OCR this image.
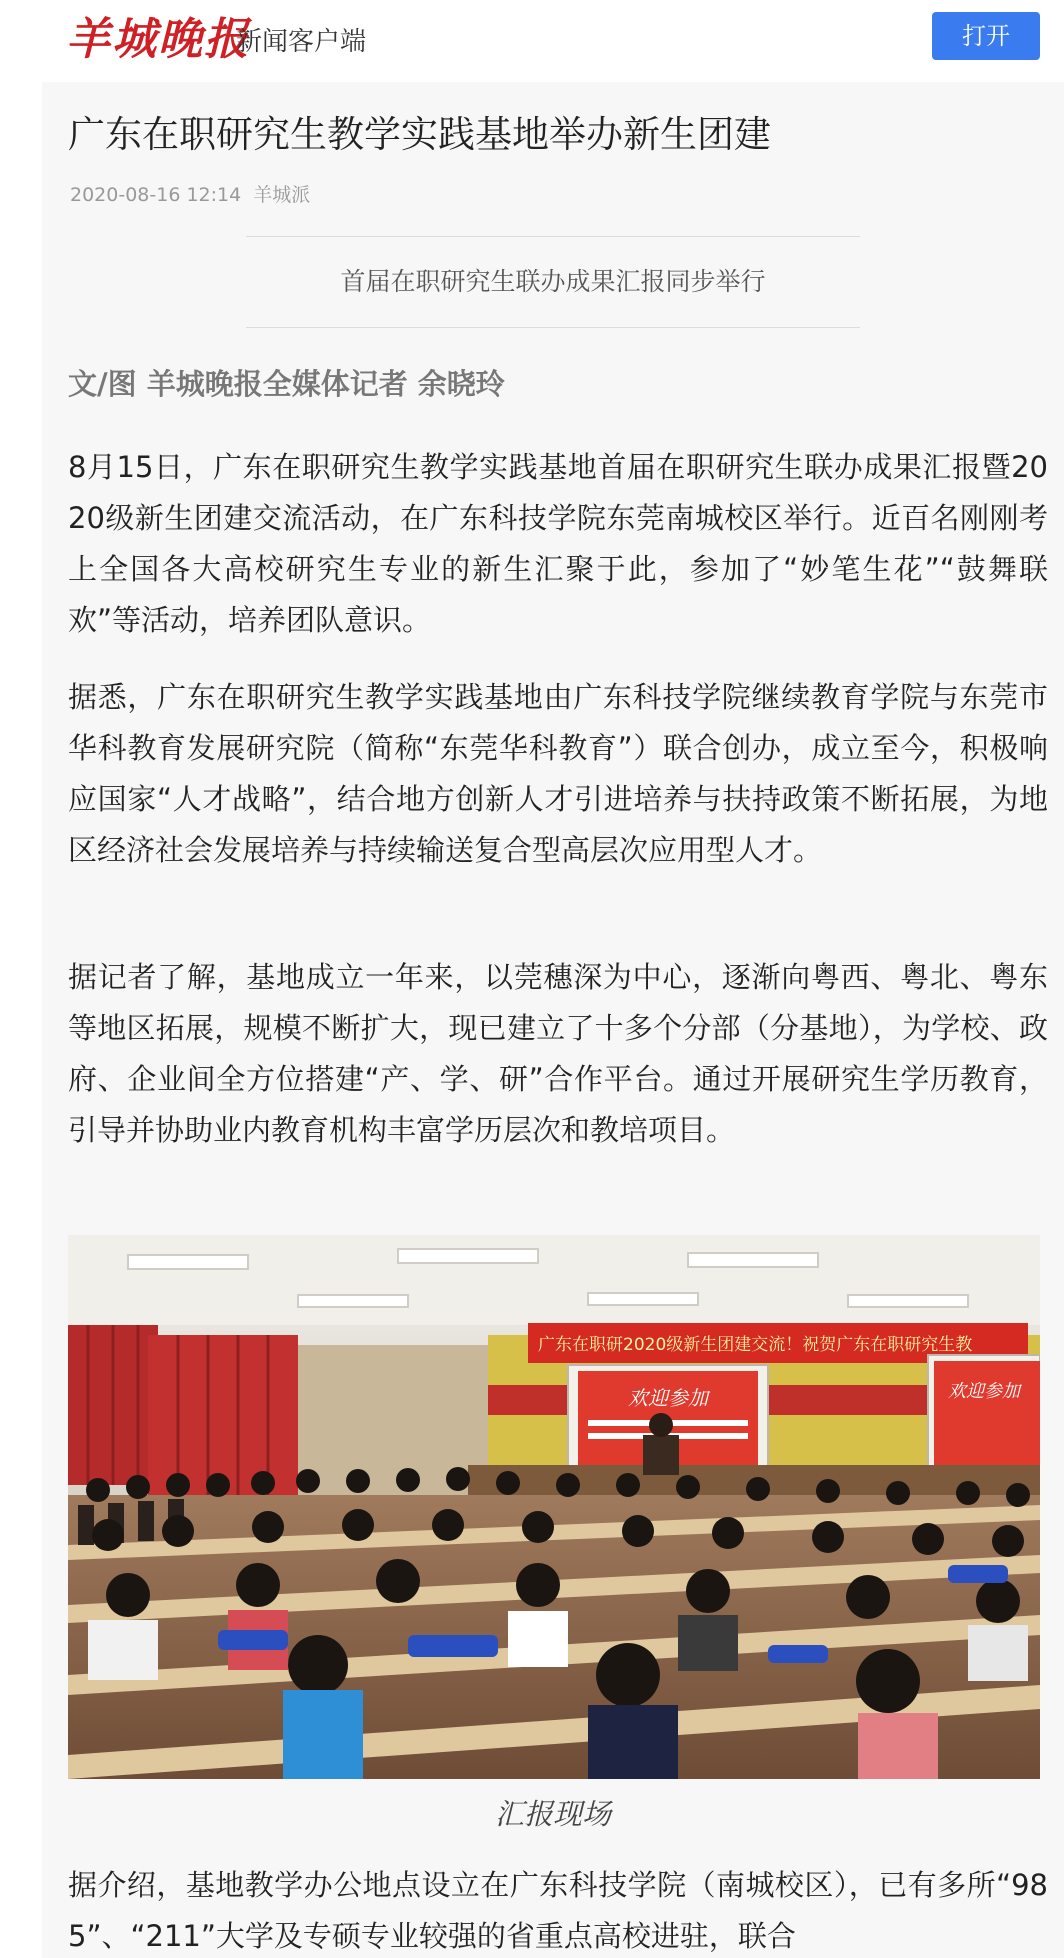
羊城晚报
新闻客户端	打开
广东在职研究生教学实践基地举办新生团建
2020-08-16 12:14 羊城派
首届在职研究生联办成果汇报同步举行
文/图 羊城晚报全媒体记者 余晓玲

8月15日，广东在职研究生教学实践基地首届在职研究生联办成果汇报暨2020级新生团建交流活动，在广东科技学院东莞南城校区举行。近百名刚刚考上全国各大高校研究生专业的新生汇聚于此，参加了“妙笔生花”“鼓舞联欢”等活动，培养团队意识。

据悉，广东在职研究生教学实践基地由广东科技学院继续教育学院与东莞市华科教育发展研究院（简称“东莞华科教育”）联合创办，成立至今，积极响应国家“人才战略”，结合地方创新人才引进培养与扶持政策不断拓展，为地区经济社会发展培养与持续输送复合型高层次应用型人才。

据记者了解，基地成立一年来，以莞穗深为中心，逐渐向粤西、粤北、粤东等地区拓展，规模不断扩大，现已建立了十多个分部（分基地），为学校、政府、企业间全方位搭建“产、学、研”合作平台。通过开展研究生学历教育，引导并协助业内教育机构丰富学历层次和教培项目。

广东在职研2020级新生团建交流！祝贺广东在职研究生教
欢迎参加	欢迎参加
汇报现场

据介绍，基地教学办公地点设立在广东科技学院（南城校区），已有多所“985”、“211”大学及专硕专业较强的省重点高校进驻，联合
